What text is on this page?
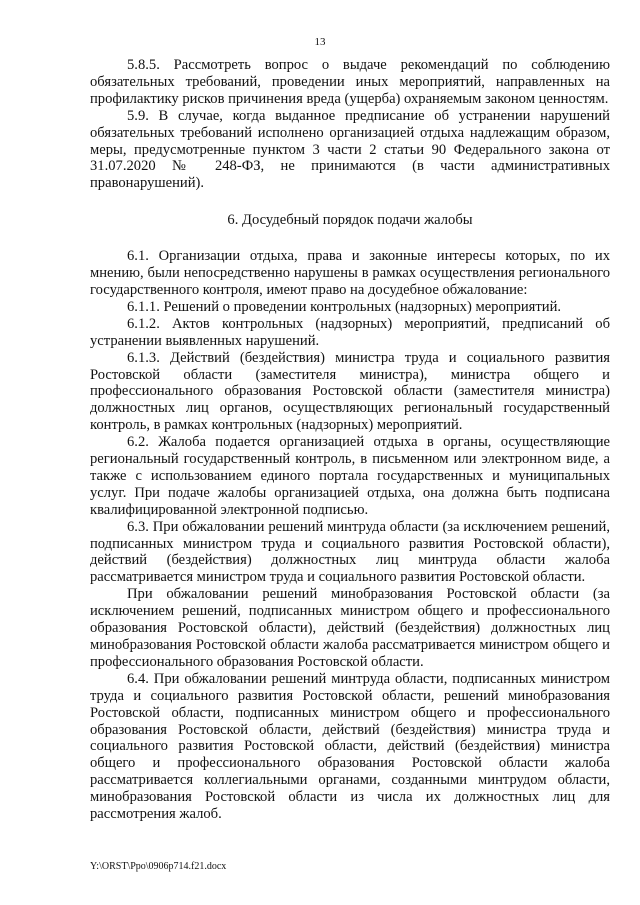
13

5.8.5. Рассмотреть вопрос о выдаче рекомендаций по соблюдению обязательных требований, проведении иных мероприятий, направленных на профилактику рисков причинения вреда (ущерба) охраняемым законом ценностям.

5.9. В случае, когда выданное предписание об устранении нарушений обязательных требований исполнено организацией отдыха надлежащим образом, меры, предусмотренные пунктом 3 части 2 статьи 90 Федерального закона от 31.07.2020 № 248-ФЗ, не принимаются (в части административных правонарушений).

6. Досудебный порядок подачи жалобы

6.1. Организации отдыха, права и законные интересы которых, по их мнению, были непосредственно нарушены в рамках осуществления регионального государственного контроля, имеют право на досудебное обжалование:

6.1.1. Решений о проведении контрольных (надзорных) мероприятий.

6.1.2. Актов контрольных (надзорных) мероприятий, предписаний об устранении выявленных нарушений.

6.1.3. Действий (бездействия) министра труда и социального развития Ростовской области (заместителя министра), министра общего и профессионального образования Ростовской области (заместителя министра) должностных лиц органов, осуществляющих региональный государственный контроль, в рамках контрольных (надзорных) мероприятий.

6.2. Жалоба подается организацией отдыха в органы, осуществляющие региональный государственный контроль, в письменном или электронном виде, а также с использованием единого портала государственных и муниципальных услуг. При подаче жалобы организацией отдыха, она должна быть подписана квалифицированной электронной подписью.

6.3. При обжаловании решений минтруда области (за исключением решений, подписанных министром труда и социального развития Ростовской области), действий (бездействия) должностных лиц минтруда области жалоба рассматривается министром труда и социального развития Ростовской области.

При обжаловании решений минобразования Ростовской области (за исключением решений, подписанных министром общего и профессионального образования Ростовской области), действий (бездействия) должностных лиц минобразования Ростовской области жалоба рассматривается министром общего и профессионального образования Ростовской области.

6.4. При обжаловании решений минтруда области, подписанных министром труда и социального развития Ростовской области, решений минобразования Ростовской области, подписанных министром общего и профессионального образования Ростовской области, действий (бездействия) министра труда и социального развития Ростовской области, действий (бездействия) министра общего и профессионального образования Ростовской области жалоба рассматривается коллегиальными органами, созданными минтрудом области, минобразования Ростовской области из числа их должностных лиц для рассмотрения жалоб.

Y:\ORST\Ppo\0906p714.f21.docx
